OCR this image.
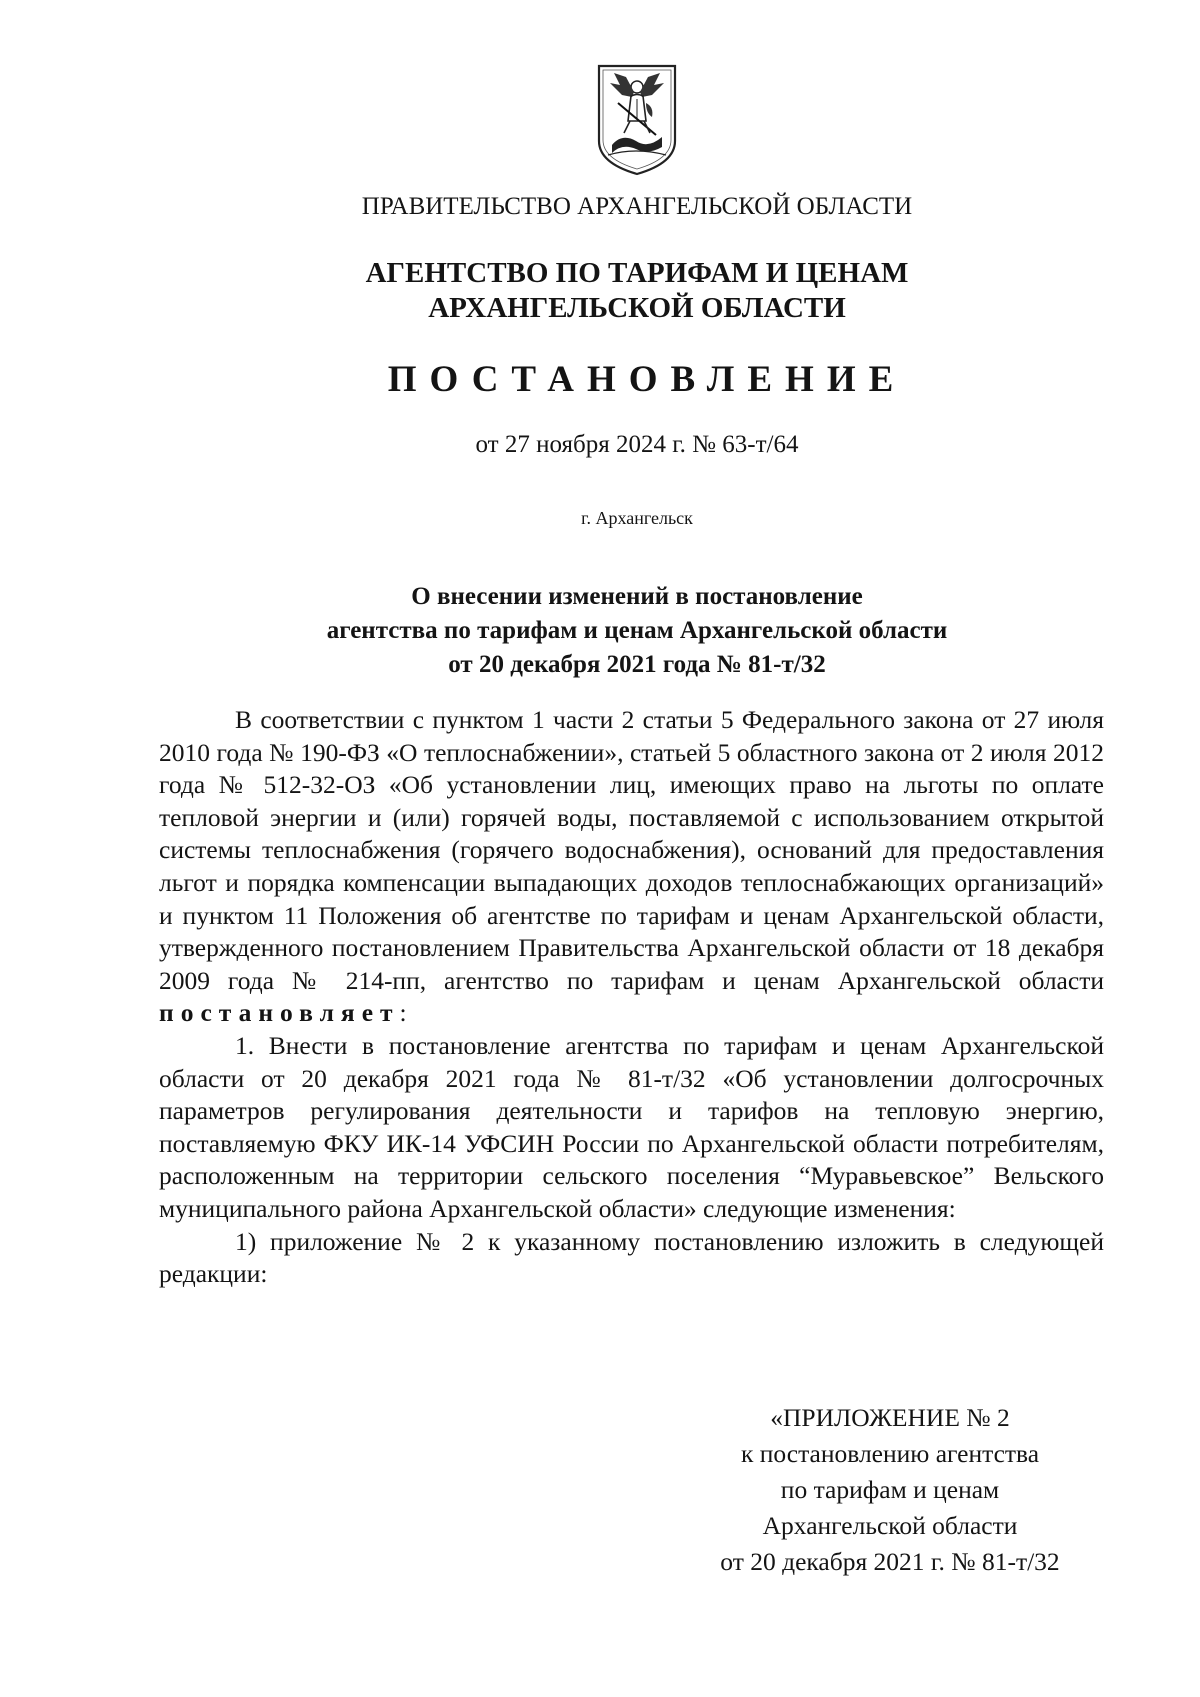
ПРАВИТЕЛЬСТВО АРХАНГЕЛЬСКОЙ ОБЛАСТИ
АГЕНТСТВО ПО ТАРИФАМ И ЦЕНАМ
АРХАНГЕЛЬСКОЙ ОБЛАСТИ
ПОСТАНОВЛЕНИЕ
от 27 ноября 2024 г. № 63-т/64
г. Архангельск
О внесении изменений в постановление
агентства по тарифам и ценам Архангельской области
от 20 декабря 2021 года № 81-т/32
В соответствии с пунктом 1 части 2 статьи 5 Федерального закона от 27 июля 2010 года № 190-ФЗ «О теплоснабжении», статьей 5 областного закона от 2 июля 2012 года № 512-32-ОЗ «Об установлении лиц, имеющих право на льготы по оплате тепловой энергии и (или) горячей воды, поставляемой с использованием открытой системы теплоснабжения (горячего водоснабжения), оснований для предоставления льгот и порядка компенсации выпадающих доходов теплоснабжающих организаций» и пунктом 11 Положения об агентстве по тарифам и ценам Архангельской области, утвержденного постановлением Правительства Архангельской области от 18 декабря 2009 года № 214-пп, агентство по тарифам и ценам Архангельской области постановляет:
1. Внести в постановление агентства по тарифам и ценам Архангельской области от 20 декабря 2021 года № 81-т/32 «Об установлении долгосрочных параметров регулирования деятельности и тарифов на тепловую энергию, поставляемую ФКУ ИК-14 УФСИН России по Архангельской области потребителям, расположенным на территории сельского поселения “Муравьевское” Вельского муниципального района Архангельской области» следующие изменения:
1) приложение № 2 к указанному постановлению изложить в следующей редакции:
«ПРИЛОЖЕНИЕ № 2
к постановлению агентства
по тарифам и ценам
Архангельской области
от 20 декабря 2021 г. № 81-т/32
